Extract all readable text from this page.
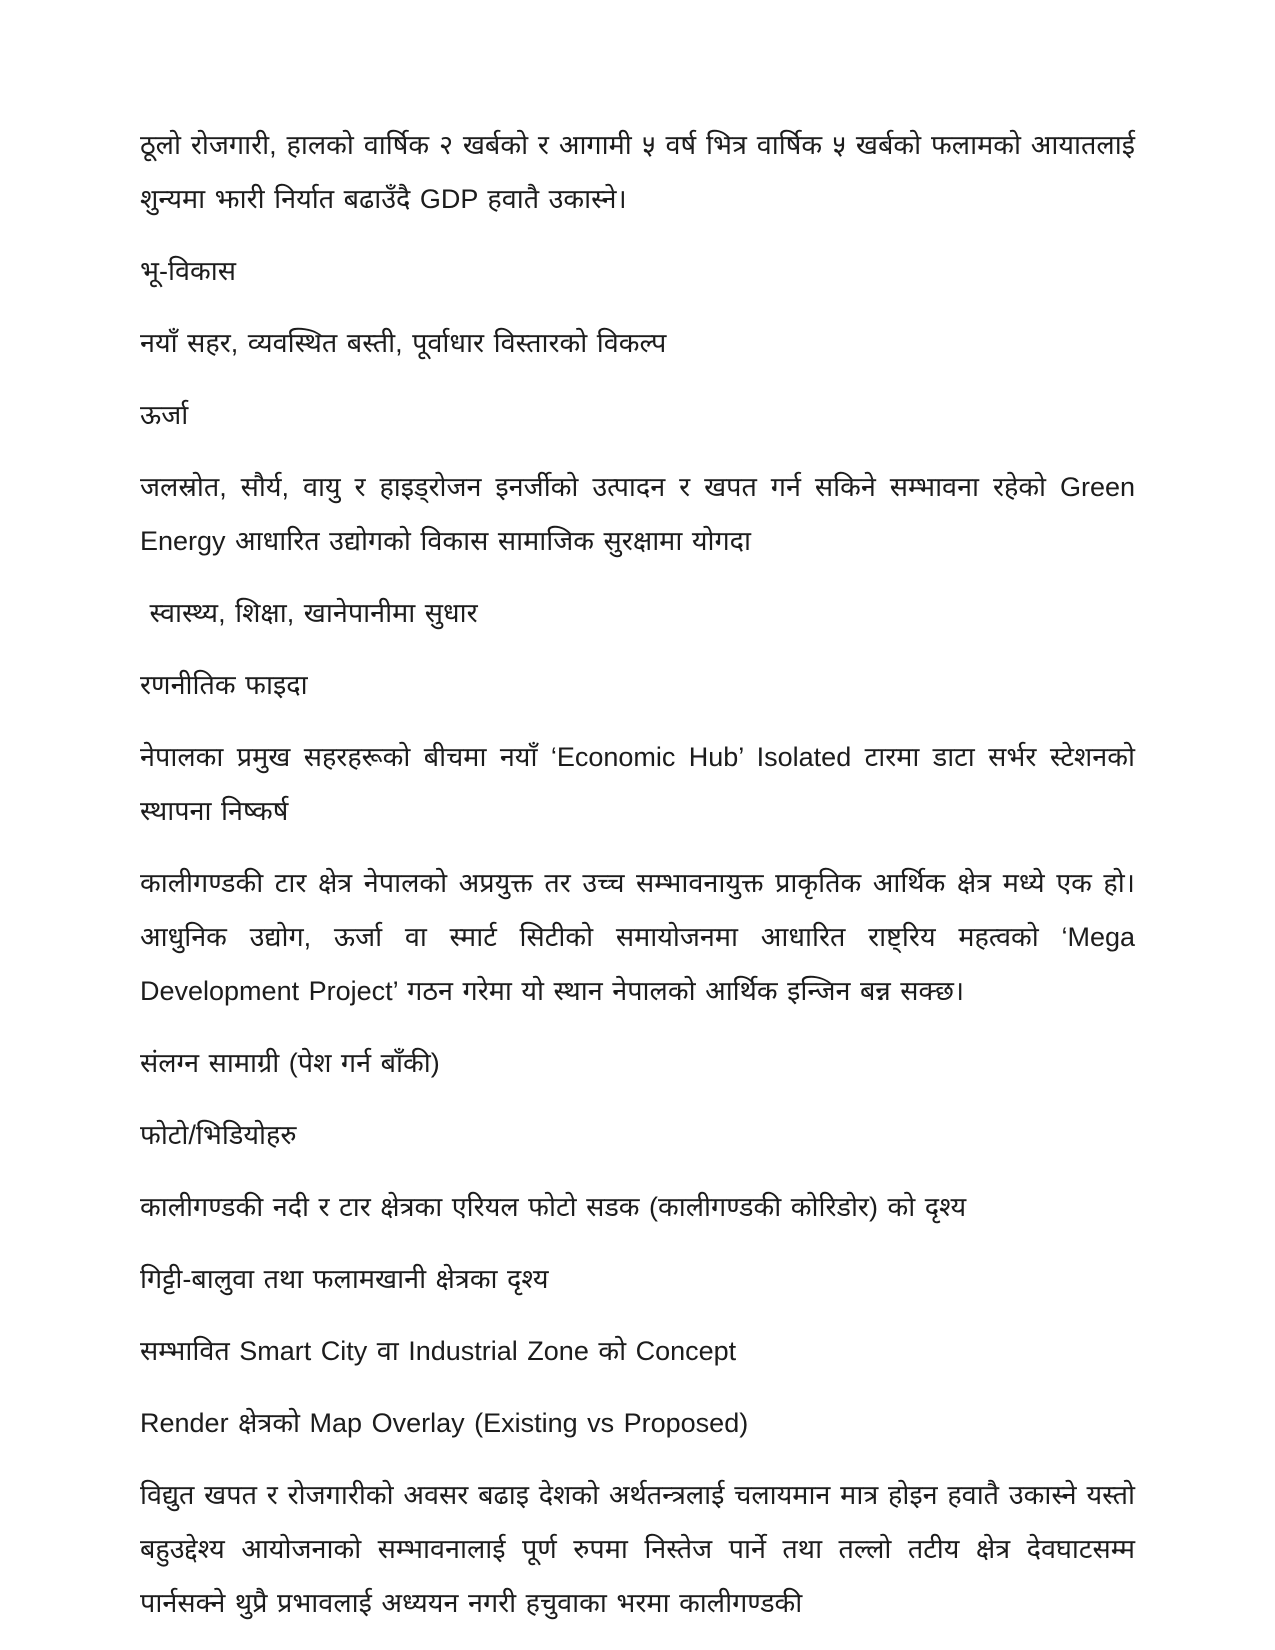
ठूलो रोजगारी, हालको वार्षिक २ खर्बको र आगामी ५ वर्ष भित्र वार्षिक ५ खर्बको फलामको आयातलाई शुन्यमा झारी निर्यात बढाउँदै GDP हवातै उकास्ने।

भू-विकास

नयाँ सहर, व्यवस्थित बस्ती, पूर्वाधार विस्तारको विकल्प

ऊर्जा

जलस्रोत, सौर्य, वायु र हाइड्रोजन इनर्जीको उत्पादन र खपत गर्न सकिने सम्भावना रहेको Green Energy आधारित उद्योगको विकास सामाजिक सुरक्षामा योगदा

स्वास्थ्य, शिक्षा, खानेपानीमा सुधार

रणनीतिक फाइदा

नेपालका प्रमुख सहरहरूको बीचमा नयाँ ‘Economic Hub’ Isolated टारमा डाटा सर्भर स्टेशनको स्थापना निष्कर्ष

कालीगण्डकी टार क्षेत्र नेपालको अप्रयुक्त तर उच्च सम्भावनायुक्त प्राकृतिक आर्थिक क्षेत्र मध्ये एक हो।  आधुनिक उद्योग, ऊर्जा वा स्मार्ट सिटीको समायोजनमा आधारित राष्ट्रिय महत्वको ‘Mega Development Project’ गठन गरेमा यो स्थान नेपालको आर्थिक इन्जिन बन्न सक्छ।

संलग्न सामाग्री (पेश गर्न बाँकी)

फोटो/भिडियोहरु

कालीगण्डकी नदी र टार क्षेत्रका एरियल फोटो सडक (कालीगण्डकी कोरिडोर) को दृश्य

गिट्टी-बालुवा तथा फलामखानी क्षेत्रका दृश्य

सम्भावित Smart City वा Industrial Zone को Concept

Render क्षेत्रको Map Overlay (Existing vs Proposed)

विद्युत खपत र रोजगारीको अवसर बढाइ देशको अर्थतन्त्रलाई चलायमान मात्र होइन हवातै उकास्ने यस्तो बहुउद्देश्य आयोजनाको सम्भावनालाई पूर्ण रुपमा निस्तेज पार्ने तथा तल्लो तटीय क्षेत्र देवघाटसम्म पार्नसक्ने थुप्रै प्रभावलाई अध्ययन नगरी हचुवाका भरमा कालीगण्डकी
